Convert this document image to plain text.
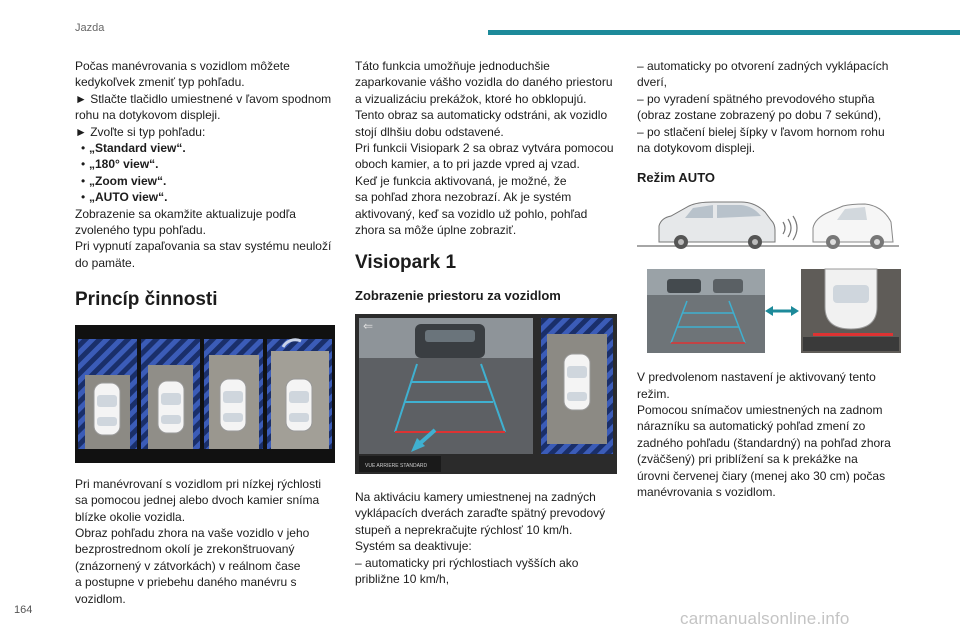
Jazda

Počas manévrovania s vozidlom môžete

kedykoľvek zmeniť typ pohľadu.

► Stlačte tlačidlo umiestnené v ľavom spodnom

rohu na dotykovom displeji.

► Zvoľte si typ pohľadu:

• „Standard view“.

• „180° view“.

• „Zoom view“.

• „AUTO view“.

Zobrazenie sa okamžite aktualizuje podľa

zvoleného typu pohľadu.

Pri vypnutí zapaľovania sa stav systému neuloží

do pamäte.

Princíp činnosti

Pri manévrovaní s vozidlom pri nízkej rýchlosti

sa pomocou jednej alebo dvoch kamier sníma

blízke okolie vozidla.

Obraz pohľadu zhora na vaše vozidlo v jeho

bezprostrednom okolí je zrekonštruovaný

(znázornený v zátvorkách) v reálnom čase

a postupne v priebehu daného manévru s

vozidlom.

Táto funkcia umožňuje jednoduchšie

zaparkovanie vášho vozidla do daného priestoru

a vizualizáciu prekážok, ktoré ho obklopujú.

Tento obraz sa automaticky odstráni, ak vozidlo

stojí dlhšiu dobu odstavené.

Pri funkcii Visiopark 2 sa obraz vytvára pomocou

oboch kamier, a to pri jazde vpred aj vzad.

Keď je funkcia aktivovaná, je možné, že

sa pohľad zhora nezobrazí. Ak je systém

aktivovaný, keď sa vozidlo už pohlo, pohľad

zhora sa môže úplne zobraziť.

Visiopark 1
Zobrazenie priestoru za vozidlom
⇐
VUE ARRIERE STANDARD

Na aktiváciu kamery umiestnenej na zadných

vyklápacích dverách zaraďte spätný prevodový

stupeň a neprekračujte rýchlosť 10 km/h.

Systém sa deaktivuje:

– automaticky pri rýchlostiach vyšších ako

približne 10 km/h,

– automaticky po otvorení zadných vyklápacích

dverí,

– po vyradení spätného prevodového stupňa

(obraz zostane zobrazený po dobu 7 sekúnd),

– po stlačení bielej šípky v ľavom hornom rohu

na dotykovom displeji.

Režim AUTO

V predvolenom nastavení je aktivovaný tento

režim.

Pomocou snímačov umiestnených na zadnom

nárazníku sa automatický pohľad zmení zo

zadného pohľadu (štandardný) na pohľad zhora

(zväčšený) pri priblížení sa k prekážke na

úrovni červenej čiary (menej ako 30 cm) počas

manévrovania s vozidlom.

164	carmanualsonline.info
